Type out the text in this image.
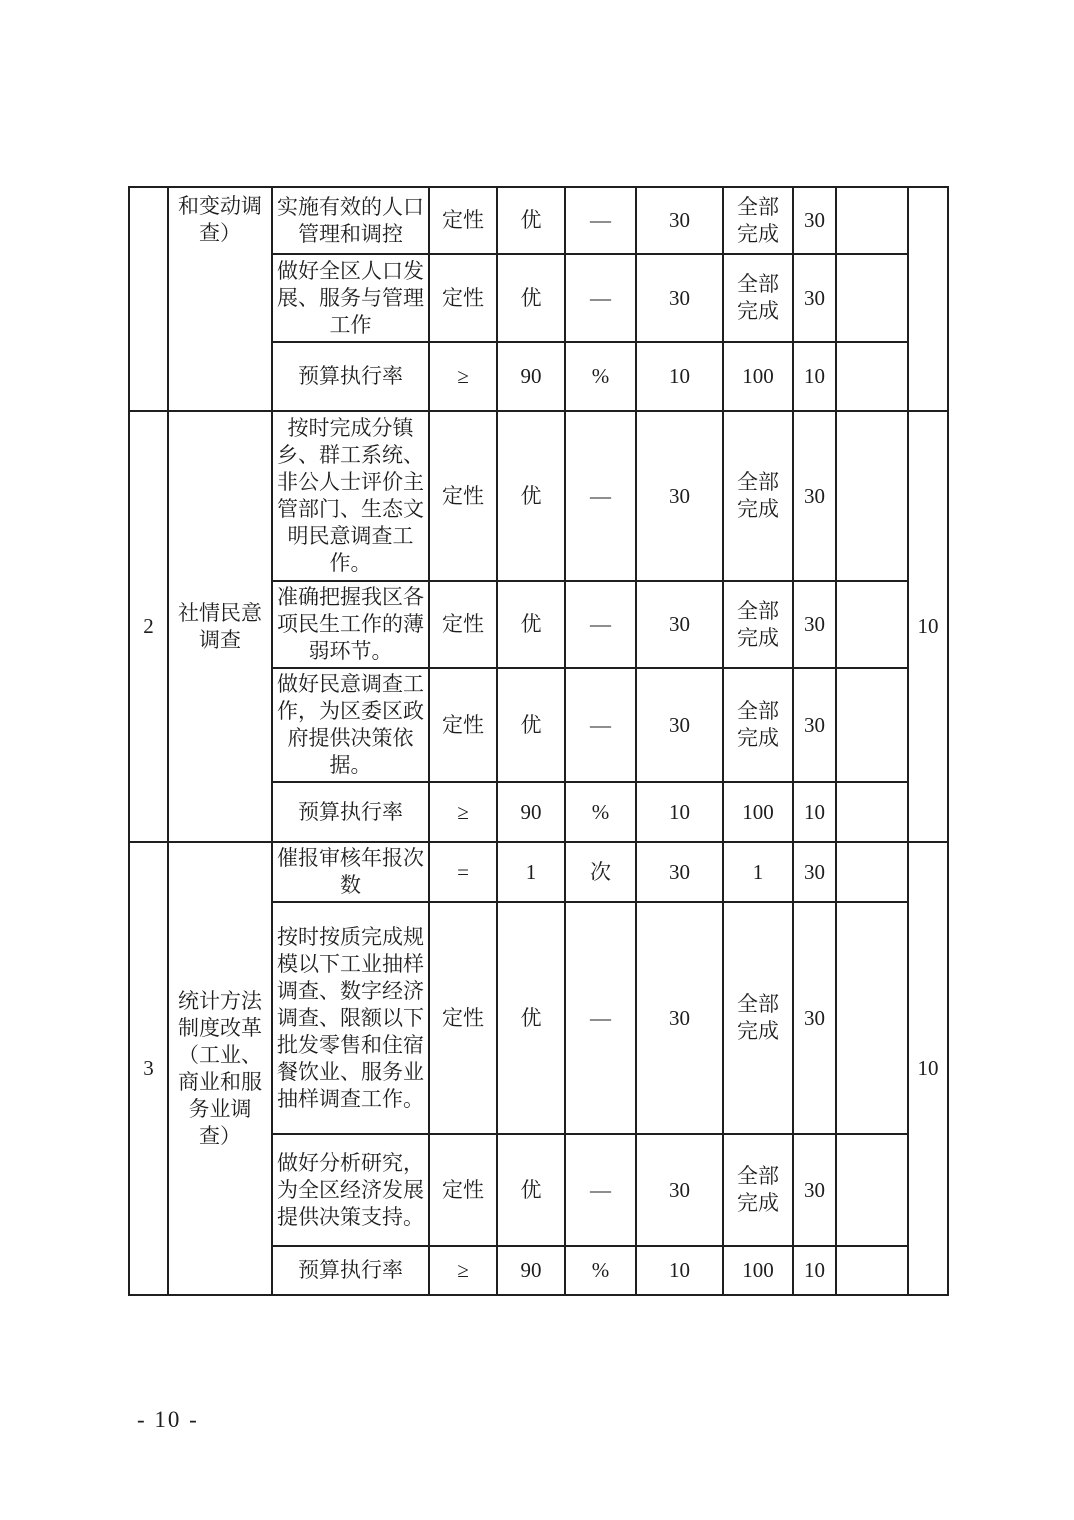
	和变动调查）	实施有效的人口管理和调控	定性	优	—	30	全部完成	30		
		做好全区人口发展、服务与管理工作	定性	优	—	30	全部完成	30		
		预算执行率	≥	90	%	10	100	10		
2	社情民意调查	按时完成分镇乡、群工系统、非公人士评价主管部门、生态文明民意调查工作。	定性	优	—	30	全部完成	30		10
		准确把握我区各项民生工作的薄弱环节。	定性	优	—	30	全部完成	30		
		做好民意调查工作，为区委区政府提供决策依据。	定性	优	—	30	全部完成	30		
		预算执行率	≥	90	%	10	100	10		
3	统计方法制度改革（工业、商业和服务业调查）	催报审核年报次数	=	1	次	30	1	30		10
		按时按质完成规模以下工业抽样调查、数字经济调查、限额以下批发零售和住宿餐饮业、服务业抽样调查工作。	定性	优	—	30	全部完成	30		
		做好分析研究，为全区经济发展提供决策支持。	定性	优	—	30	全部完成	30		
		预算执行率	≥	90	%	10	100	10		
- 10 -
